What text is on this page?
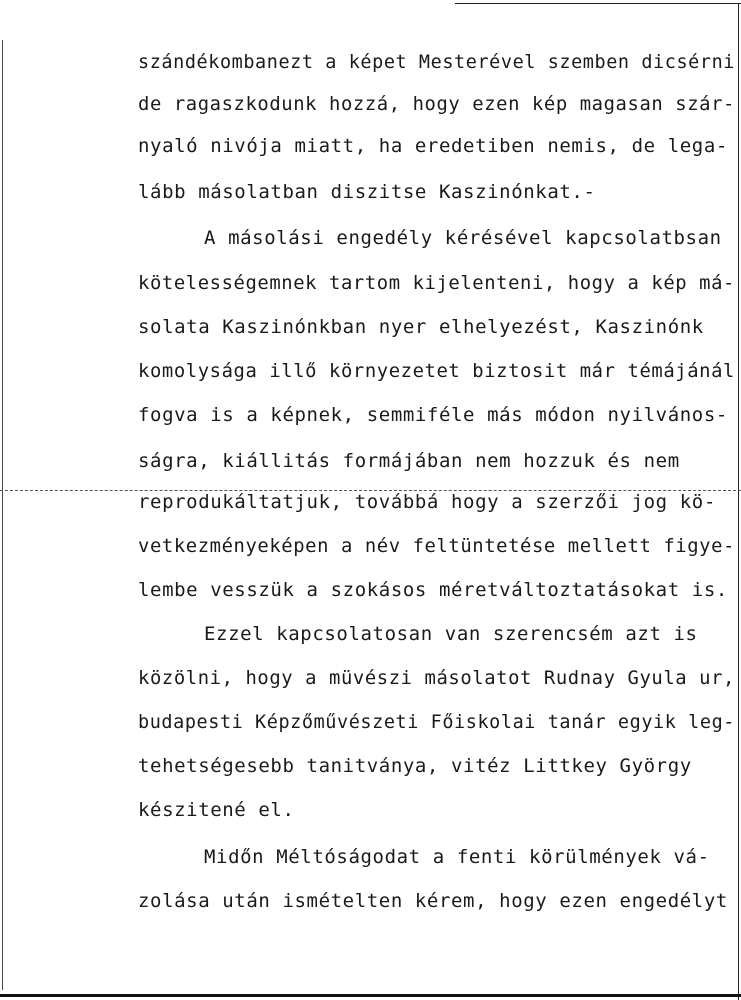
szándékombanezt a képet Mesterével szemben dicsérni
de ragaszkodunk hozzá, hogy ezen kép magasan szár-
nyaló nivója miatt, ha eredetiben nemis, de lega-
lább másolatban diszitse Kaszinónkat.-
A másolási engedély kérésével kapcsolatbsan
kötelességemnek tartom kijelenteni, hogy a kép má-
solata Kaszinónkban nyer elhelyezést, Kaszinónk
komolysága illő környezetet biztosit már témájánál
fogva is a képnek, semmiféle más módon nyilvános-
ságra, kiállitás formájában nem hozzuk és nem
reprodukáltatjuk, továbbá hogy a szerzői jog kö-
vetkezményeképen a név feltüntetése mellett figye-
lembe vesszük a szokásos méretváltoztatásokat is.
Ezzel kapcsolatosan van szerencsém azt is
közölni, hogy a müvészi másolatot Rudnay Gyula ur,
budapesti Képzőművészeti Főiskolai tanár egyik leg-
tehetségesebb tanitványa, vitéz Littkey György
készitené el.
Midőn Méltóságodat a fenti körülmények vá-
zolása után ismételten kérem, hogy ezen engedélyt
